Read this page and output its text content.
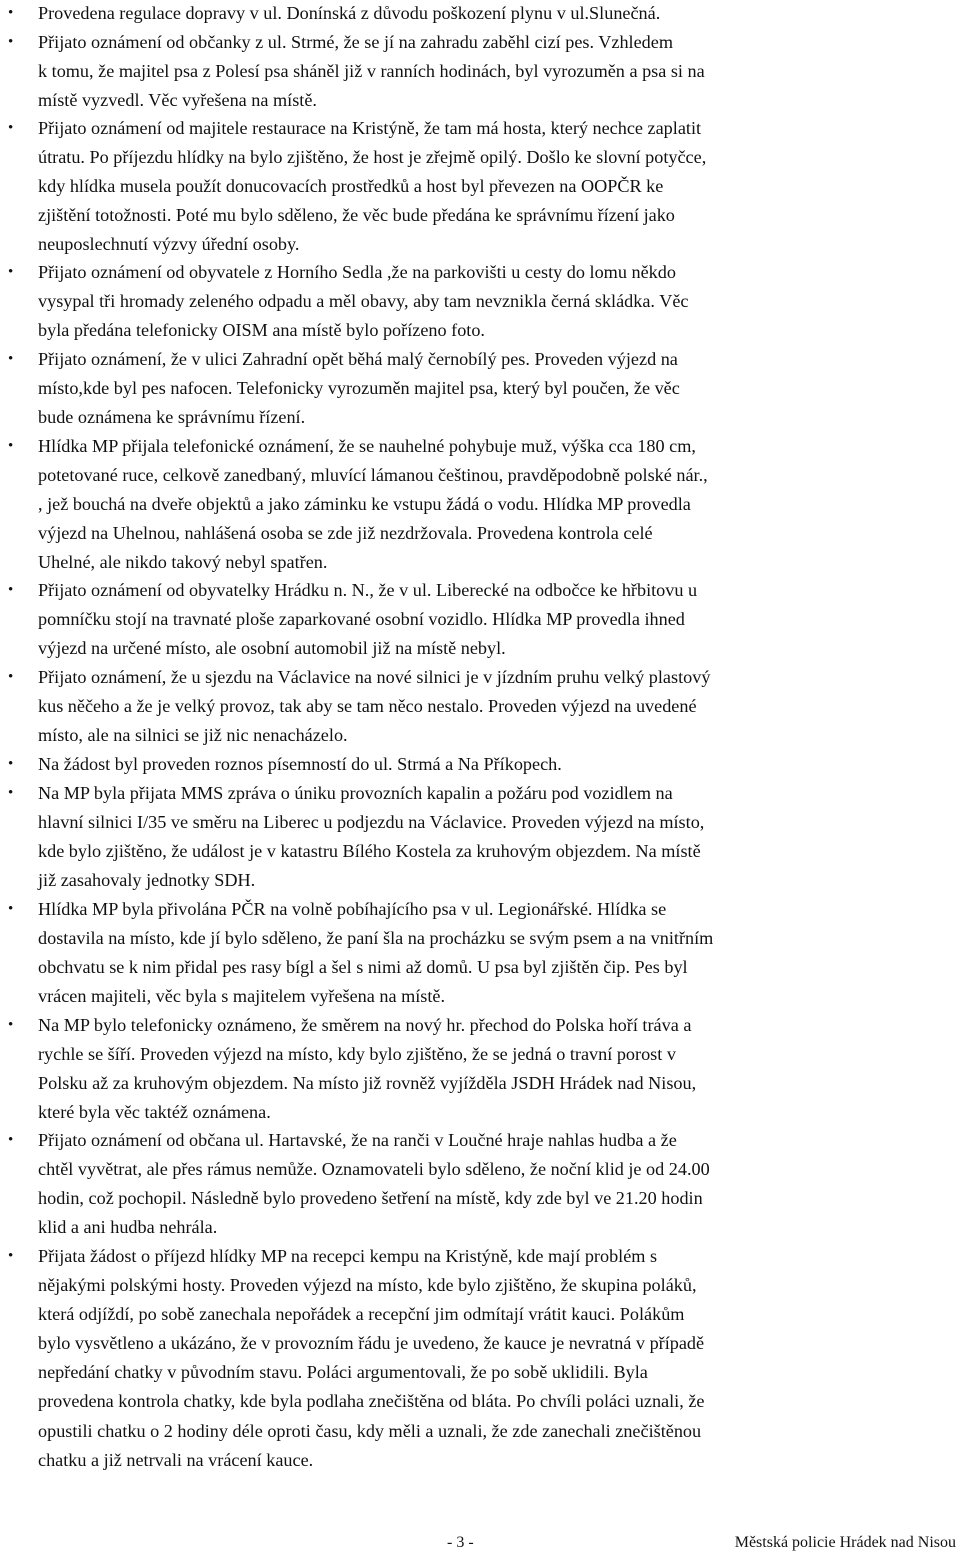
• Provedena regulace dopravy v ul. Donínská z důvodu poškození plynu v ul.Slunečná.
• Přijato oznámení od občanky z ul. Strmé, že se jí na zahradu zaběhl cizí pes. Vzhledem
k tomu, že majitel psa z Polesí psa sháněl již v ranních hodinách, byl vyrozuměn a psa si na
místě vyzvedl. Věc vyřešena na místě.
• Přijato oznámení od majitele restaurace na Kristýně, že tam má hosta, který nechce zaplatit
útratu. Po příjezdu hlídky na bylo zjištěno, že host je zřejmě opilý. Došlo ke slovní potyčce,
kdy hlídka musela použít donucovacích prostředků a host byl převezen na OOPČR ke
zjištění totožnosti. Poté mu bylo sděleno, že věc bude předána ke správnímu řízení jako
neuposlechnutí výzvy úřední osoby.
• Přijato oznámení od obyvatele z Horního Sedla ,že na parkovišti u cesty do lomu někdo
vysypal tři hromady zeleného odpadu a měl obavy, aby tam nevznikla černá skládka. Věc
byla předána telefonicky OISM ana místě bylo pořízeno foto.
• Přijato oznámení, že v ulici Zahradní opět běhá malý černobílý pes. Proveden výjezd na
místo,kde byl pes nafocen. Telefonicky vyrozuměn majitel psa, který byl poučen, že věc
bude oznámena ke správnímu řízení.
• Hlídka MP přijala telefonické oznámení, že se nauhelné pohybuje muž, výška cca 180 cm,
potetované ruce, celkově zanedbaný, mluvící lámanou češtinou, pravděpodobně polské nár.,
, jež bouchá na dveře objektů a jako záminku ke vstupu žádá o vodu. Hlídka MP provedla
výjezd na Uhelnou, nahlášená osoba se zde již nezdržovala. Provedena kontrola celé
Uhelné, ale nikdo takový nebyl spatřen.
• Přijato oznámení od obyvatelky Hrádku n. N., že v ul. Liberecké na odbočce ke hřbitovu u
pomníčku stojí na travnaté ploše zaparkované osobní vozidlo. Hlídka MP provedla ihned
výjezd na určené místo, ale osobní automobil již na místě nebyl.
• Přijato oznámení, že u sjezdu na Václavice na nové silnici je v jízdním pruhu velký plastový
kus něčeho a že je velký provoz, tak aby se tam něco nestalo. Proveden výjezd na uvedené
místo, ale na silnici se již nic nenacházelo.
• Na žádost byl proveden roznos písemností do ul. Strmá a Na Příkopech.
• Na MP byla přijata MMS zpráva o úniku provozních kapalin a požáru pod vozidlem na
hlavní silnici I/35 ve směru na Liberec u podjezdu na Václavice. Proveden výjezd na místo,
kde bylo zjištěno, že událost je v katastru Bílého Kostela za kruhovým objezdem. Na místě
již zasahovaly jednotky SDH.
• Hlídka MP byla přivolána PČR na volně pobíhajícího psa v ul. Legionářské. Hlídka se
dostavila na místo, kde jí bylo sděleno, že paní šla na procházku se svým psem a na vnitřním
obchvatu se k nim přidal pes rasy bígl a šel s nimi až domů. U psa byl zjištěn čip. Pes byl
vrácen majiteli, věc byla s majitelem vyřešena na místě.
• Na MP bylo telefonicky oznámeno, že směrem na nový hr. přechod do Polska hoří tráva a
rychle se šíří. Proveden výjezd na místo, kdy bylo zjištěno, že se jedná o travní porost v
Polsku až za kruhovým objezdem. Na místo již rovněž vyjížděla JSDH Hrádek nad Nisou,
které byla věc taktéž oznámena.
• Přijato oznámení od občana ul. Hartavské, že na ranči v Loučné hraje nahlas hudba a že
chtěl vyvětrat, ale přes rámus nemůže. Oznamovateli bylo sděleno, že noční klid je od 24.00
hodin, což pochopil. Následně bylo provedeno šetření na místě, kdy zde byl ve 21.20 hodin
klid a ani hudba nehrála.
• Přijata žádost o příjezd hlídky MP na recepci kempu na Kristýně, kde mají problém s
nějakými polskými hosty. Proveden výjezd na místo, kde bylo zjištěno, že skupina poláků,
která odjíždí, po sobě zanechala nepořádek a recepční jim odmítají vrátit kauci. Polákům
bylo vysvětleno a ukázáno, že v provozním řádu je uvedeno, že kauce je nevratná v případě
nepředání chatky v původním stavu. Poláci argumentovali, že po sobě uklidili. Byla
provedena kontrola chatky, kde byla podlaha znečištěna od bláta. Po chvíli poláci uznali, že
opustili chatku o 2 hodiny déle oproti času, kdy měli a uznali, že zde zanechali znečištěnou
chatku a již netrvali na vrácení kauce.
- 3 -	Městská policie Hrádek nad Nisou
